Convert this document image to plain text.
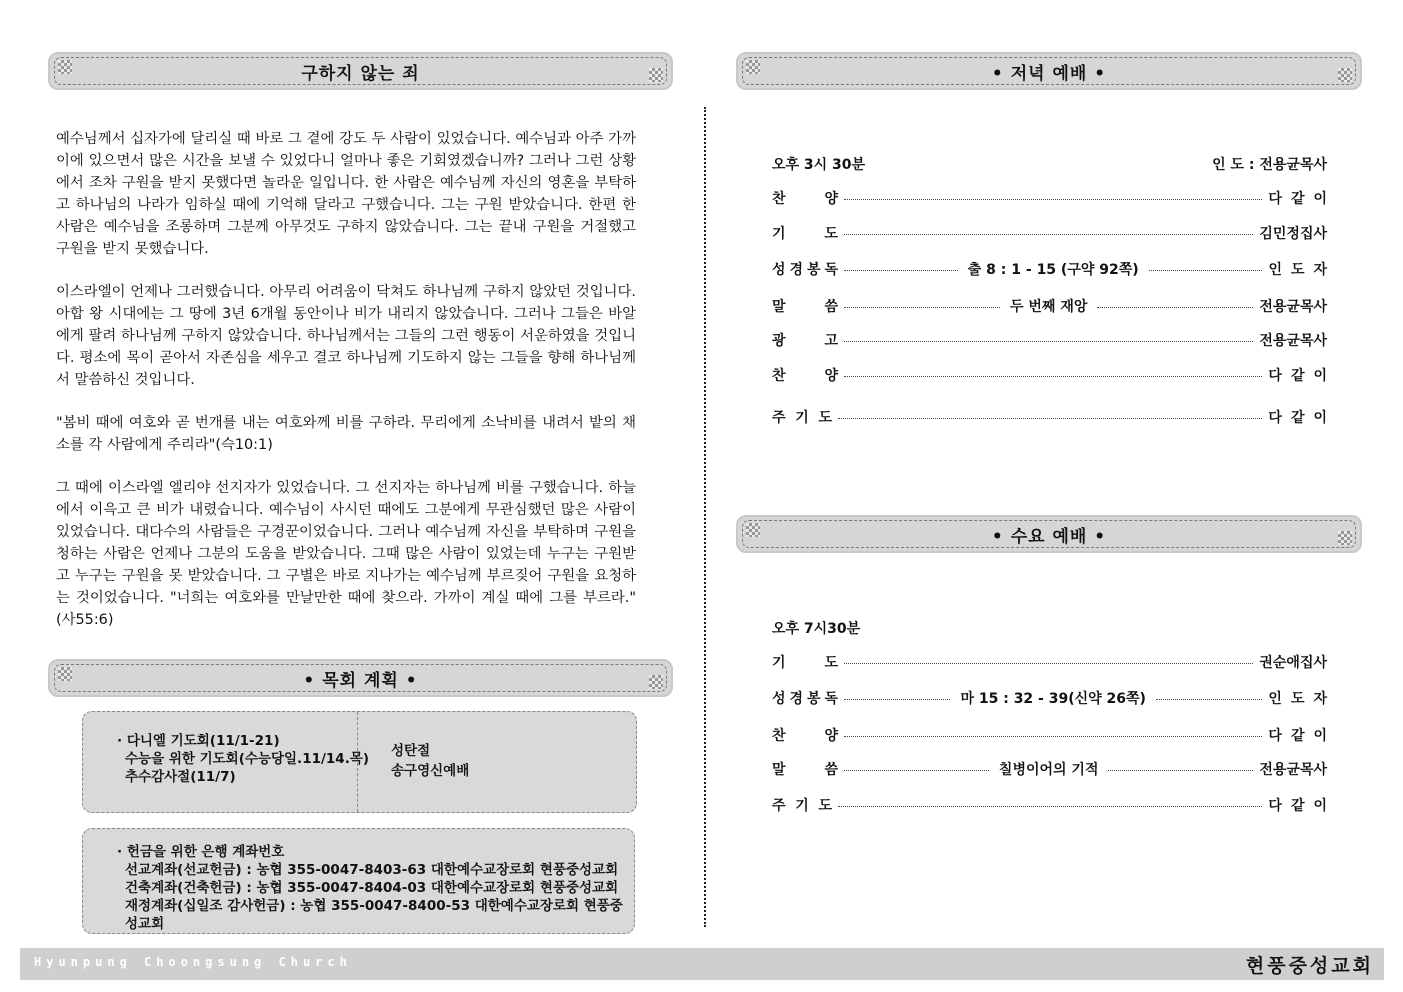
구하지 않는 죄

예수님께서 십자가에 달리실 때 바로 그 곁에 강도 두 사람이 있었습니다. 예수님과 아주 가까이에 있으면서 많은 시간을 보낼 수 있었다니 얼마나 좋은 기회였겠습니까? 그러나 그런 상황에서 조차 구원을 받지 못했다면 놀라운 일입니다. 한 사람은 예수님께 자신의 영혼을 부탁하고 하나님의 나라가 임하실 때에 기억해 달라고 구했습니다. 그는 구원 받았습니다. 한편 한 사람은 예수님을 조롱하며 그분께 아무것도 구하지 않았습니다. 그는 끝내 구원을 거절했고 구원을 받지 못했습니다.

이스라엘이 언제나 그러했습니다. 아무리 어려움이 닥쳐도 하나님께 구하지 않았던 것입니다. 아합 왕 시대에는 그 땅에 3년 6개월 동안이나 비가 내리지 않았습니다. 그러나 그들은 바알에게 팔려 하나님께 구하지 않았습니다. 하나님께서는 그들의 그런 행동이 서운하였을 것입니다. 평소에 목이 곧아서 자존심을 세우고 결코 하나님께 기도하지 않는 그들을 향해 하나님께서 말씀하신 것입니다.

"봄비 때에 여호와 곧 번개를 내는 여호와께 비를 구하라. 무리에게 소낙비를 내려서 밭의 채소를 각 사람에게 주리라"(슥10:1)

그 때에 이스라엘 엘리야 선지자가 있었습니다. 그 선지자는 하나님께 비를 구했습니다. 하늘에서 이윽고 큰 비가 내렸습니다. 예수님이 사시던 때에도 그분에게 무관심했던 많은 사람이 있었습니다. 대다수의 사람들은 구경꾼이었습니다. 그러나 예수님께 자신을 부탁하며 구원을 청하는 사람은 언제나 그분의 도움을 받았습니다. 그때 많은 사람이 있었는데 누구는 구원받고 누구는 구원을 못 받았습니다. 그 구별은 바로 지나가는 예수님께 부르짖어 구원을 요청하는 것이었습니다. "너희는 여호와를 만날만한 때에 찾으라. 가까이 계실 때에 그를 부르라."(사55:6)

• 목회 계획 •
· 다니엘 기도회(11/1-21)
수능을 위한 기도회(수능당일.11/14.목)
추수감사절(11/7)
성탄절
송구영신예배
· 헌금을 위한 은행 계좌번호
선교계좌(선교헌금) : 농협 355-0047-8403-63 대한예수교장로회 현풍중성교회
건축계좌(건축헌금) : 농협 355-0047-8404-03 대한예수교장로회 현풍중성교회
재정계좌(십일조 감사헌금) : 농협 355-0047-8400-53 대한예수교장로회 현풍중성교회
• 저녁 예배 •
오후 3시 30분	인 도 : 전용균목사
찬	양	다같이
기	도	김민정집사
성 경 봉 독	출 8 : 1 - 15 (구약 92쪽)	인도자
말	씀	두 번째 재앙	전용균목사
광	고	전용균목사
찬	양	다같이
주 기 도	다같이
• 수요 예배 •
오후 7시30분
기	도	권순애집사
성 경 봉 독	마 15 : 32 - 39(신약 26쪽)	인도자
찬	양	다같이
말	씀	칠병이어의 기적	전용균목사
주 기 도	다같이
Hyunpung Choongsung Church	현풍중성교회
